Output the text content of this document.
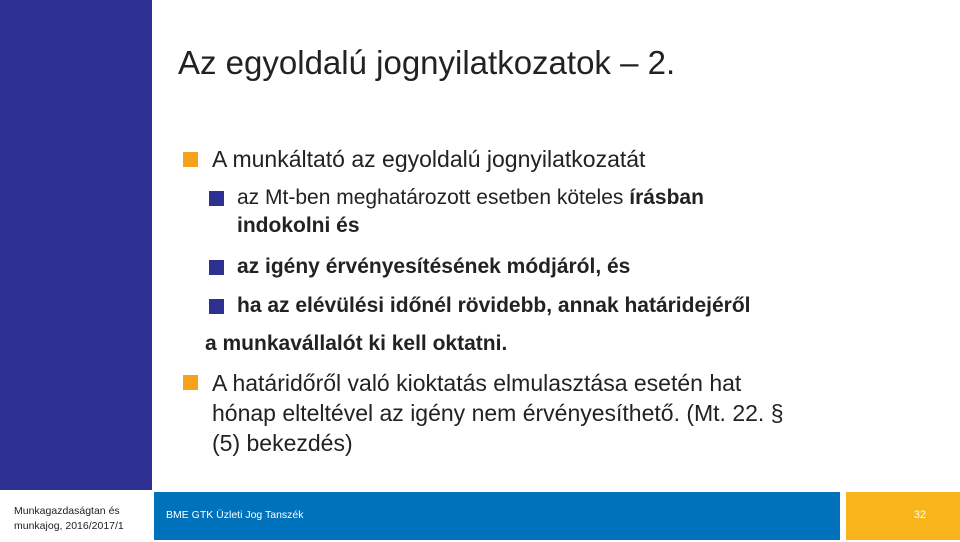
Az egyoldalú jognyilatkozatok – 2.
A munkáltató az egyoldalú jognyilatkozatát
az Mt-ben meghatározott esetben köteles írásban
indokolni és
az igény érvényesítésének módjáról, és
ha az elévülési időnél rövidebb, annak határidejéről
a munkavállalót ki kell oktatni.
A határidőről való kioktatás elmulasztása esetén hat
hónap elteltével az igény nem érvényesíthető. (Mt. 22. §
(5) bekezdés)
Munkagazdaságtan és
munkajog, 2016/2017/1
BME GTK Üzleti Jog Tanszék	32
